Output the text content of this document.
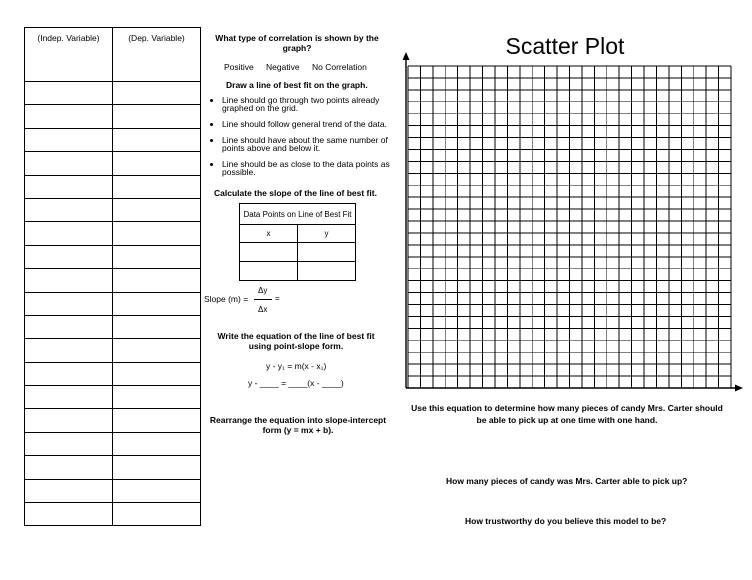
(Indep. Variable)	(Dep. Variable)

		What type of correlation is shown by the graph?
Positive Negative No Correlation
Draw a line of best fit on the graph.
• Line should go through two points already graphed on the grid.
• Line should follow general trend of the data.
• Line should have about the same number of points above and below it.
• Line should be as close to the data points as possible.
Calculate the slope of the line of best fit.
Data Points on Line of Best Fit	
x	y

Slope (m) =
Δy
Δx
=
Write the equation of the line of best fit using point-slope form.
y - y₁ = m(x - x₁)
y - ____ = ____(x - ____)
Rearrange the equation into slope-intercept form (y = mx + b).
Scatter Plot
Use this equation to determine how many pieces of candy Mrs. Carter should be able to pick up at one time with one hand.
How many pieces of candy was Mrs. Carter able to pick up?
How trustworthy do you believe this model to be?
